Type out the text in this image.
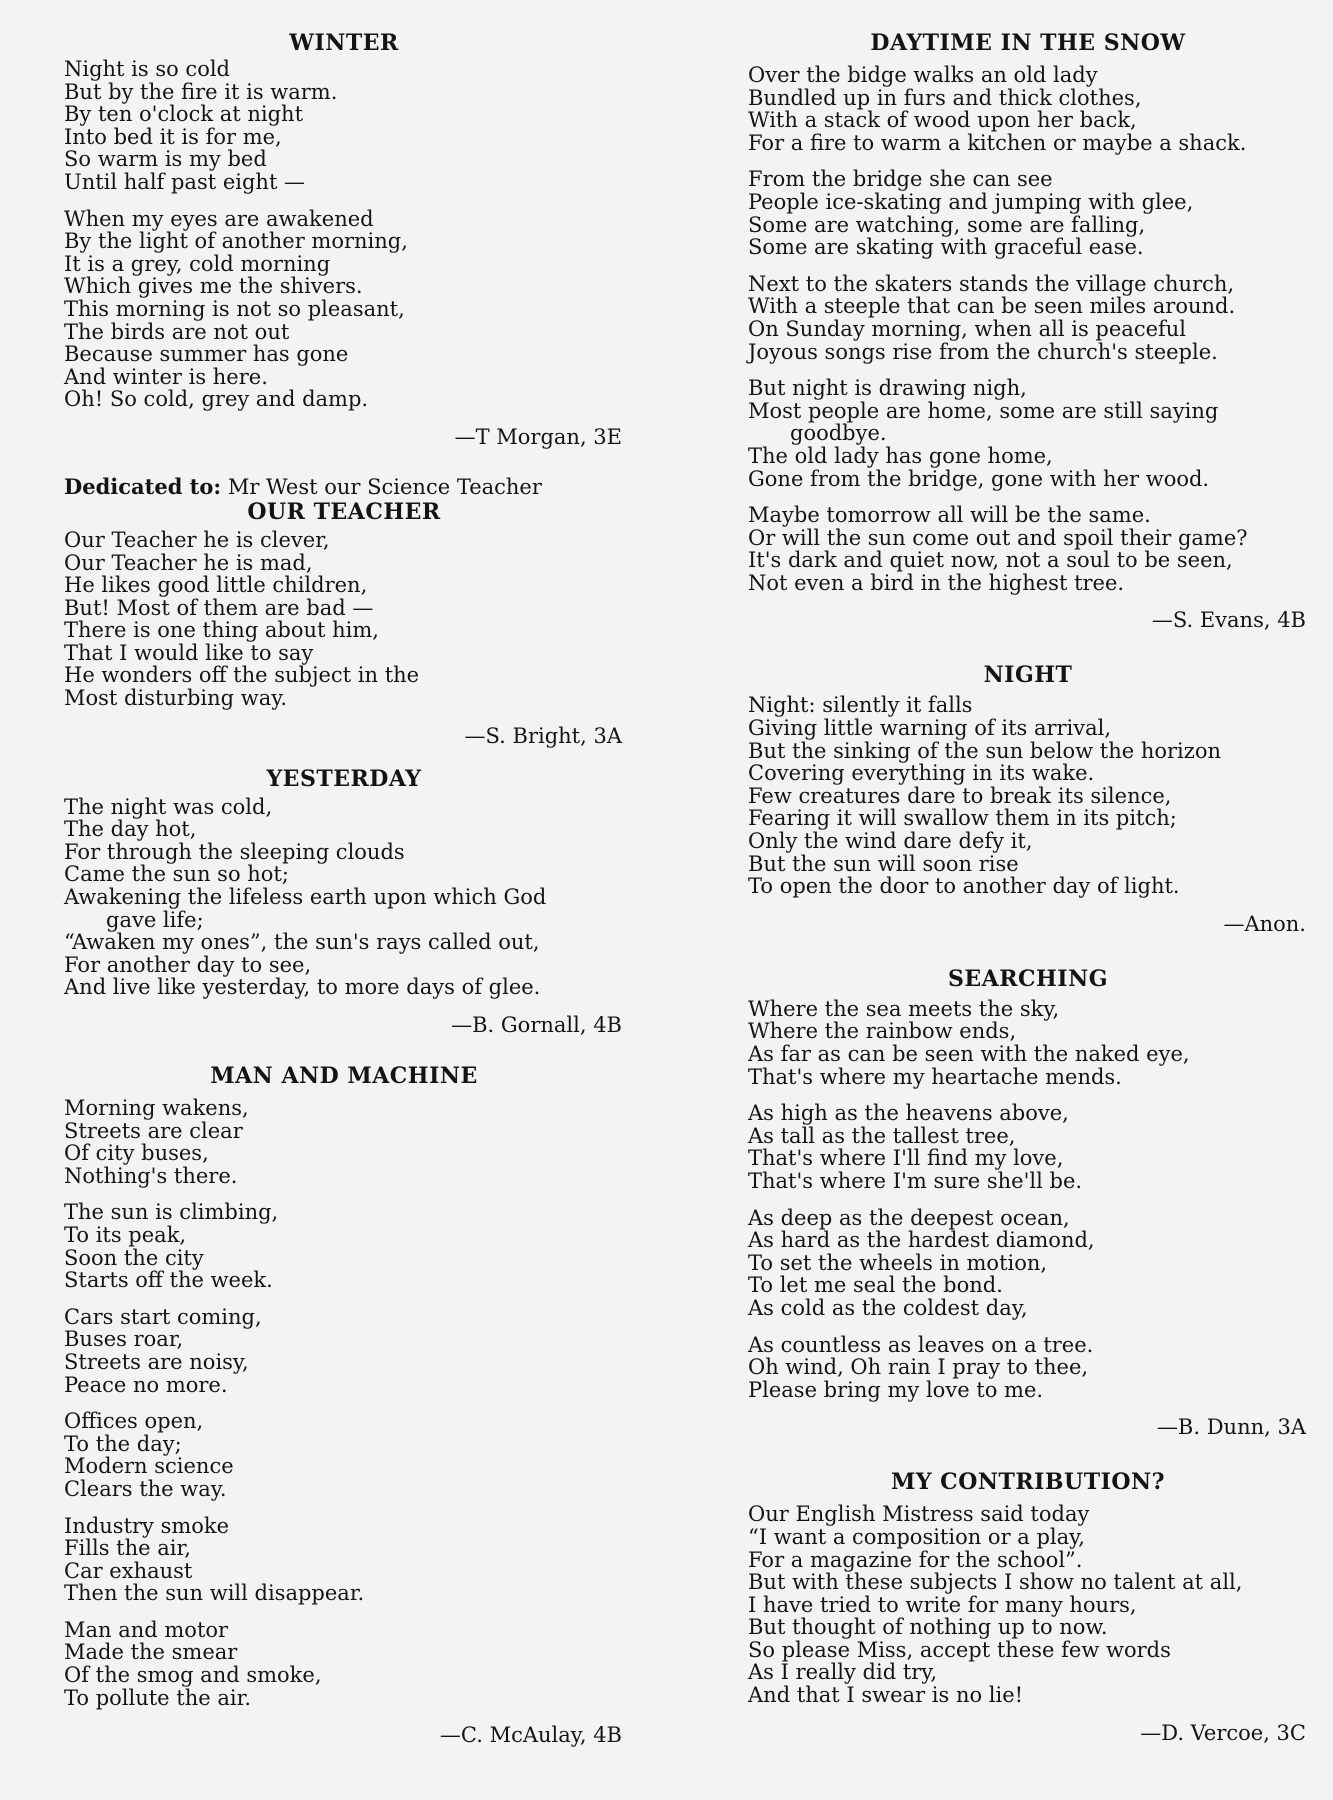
WINTER
Night is so cold
But by the fire it is warm.
By ten o'clock at night
Into bed it is for me,
So warm is my bed
Until half past eight —
When my eyes are awakened
By the light of another morning,
It is a grey, cold morning
Which gives me the shivers.
This morning is not so pleasant,
The birds are not out
Because summer has gone
And winter is here.
Oh! So cold, grey and damp.
—T Morgan, 3E
Dedicated to: Mr West our Science Teacher
OUR TEACHER
Our Teacher he is clever,
Our Teacher he is mad,
He likes good little children,
But! Most of them are bad —
There is one thing about him,
That I would like to say
He wonders off the subject in the
Most disturbing way.
—S. Bright, 3A
YESTERDAY
The night was cold,
The day hot,
For through the sleeping clouds
Came the sun so hot;
Awakening the lifeless earth upon which God
gave life;
“Awaken my ones”, the sun's rays called out,
For another day to see,
And live like yesterday, to more days of glee.
—B. Gornall, 4B
MAN AND MACHINE
Morning wakens,
Streets are clear
Of city buses,
Nothing's there.
The sun is climbing,
To its peak,
Soon the city
Starts off the week.
Cars start coming,
Buses roar,
Streets are noisy,
Peace no more.
Offices open,
To the day;
Modern science
Clears the way.
Industry smoke
Fills the air,
Car exhaust
Then the sun will disappear.
Man and motor
Made the smear
Of the smog and smoke,
To pollute the air.
—C. McAulay, 4B
DAYTIME IN THE SNOW
Over the bidge walks an old lady
Bundled up in furs and thick clothes,
With a stack of wood upon her back,
For a fire to warm a kitchen or maybe a shack.
From the bridge she can see
People ice-skating and jumping with glee,
Some are watching, some are falling,
Some are skating with graceful ease.
Next to the skaters stands the village church,
With a steeple that can be seen miles around.
On Sunday morning, when all is peaceful
Joyous songs rise from the church's steeple.
But night is drawing nigh,
Most people are home, some are still saying
goodbye.
The old lady has gone home,
Gone from the bridge, gone with her wood.
Maybe tomorrow all will be the same.
Or will the sun come out and spoil their game?
It's dark and quiet now, not a soul to be seen,
Not even a bird in the highest tree.
—S. Evans, 4B
NIGHT
Night: silently it falls
Giving little warning of its arrival,
But the sinking of the sun below the horizon
Covering everything in its wake.
Few creatures dare to break its silence,
Fearing it will swallow them in its pitch;
Only the wind dare defy it,
But the sun will soon rise
To open the door to another day of light.
—Anon.
SEARCHING
Where the sea meets the sky,
Where the rainbow ends,
As far as can be seen with the naked eye,
That's where my heartache mends.
As high as the heavens above,
As tall as the tallest tree,
That's where I'll find my love,
That's where I'm sure she'll be.
As deep as the deepest ocean,
As hard as the hardest diamond,
To set the wheels in motion,
To let me seal the bond.
As cold as the coldest day,
As countless as leaves on a tree.
Oh wind, Oh rain I pray to thee,
Please bring my love to me.
—B. Dunn, 3A
MY CONTRIBUTION?
Our English Mistress said today
“I want a composition or a play,
For a magazine for the school”.
But with these subjects I show no talent at all,
I have tried to write for many hours,
But thought of nothing up to now.
So please Miss, accept these few words
As I really did try,
And that I swear is no lie!
—D. Vercoe, 3C
